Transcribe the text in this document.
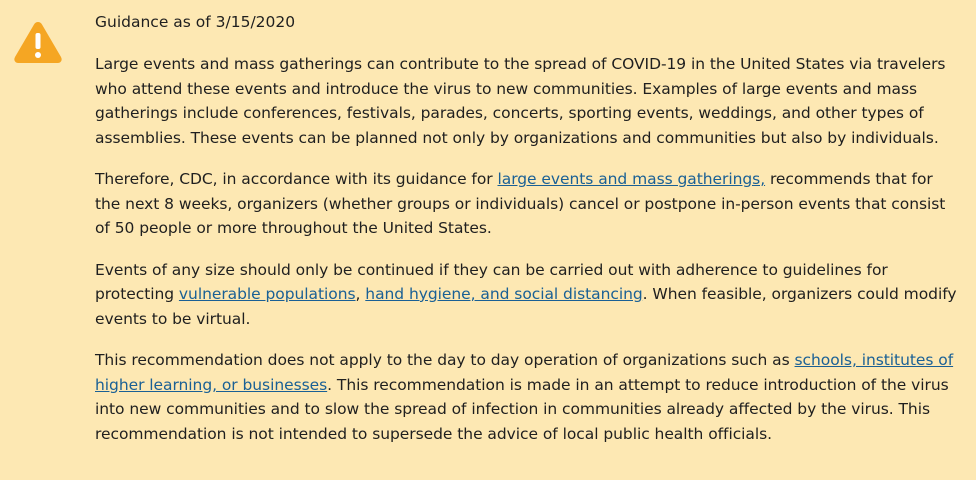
Guidance as of 3/15/2020

Large events and mass gatherings can contribute to the spread of COVID-19 in the United States via travelers who attend these events and introduce the virus to new communities. Examples of large events and mass gatherings include conferences, festivals, parades, concerts, sporting events, weddings, and other types of assemblies. These events can be planned not only by organizations and communities but also by individuals.

Therefore, CDC, in accordance with its guidance for large events and mass gatherings, recommends that for the next 8 weeks, organizers (whether groups or individuals) cancel or postpone in-person events that consist of 50 people or more throughout the United States.

Events of any size should only be continued if they can be carried out with adherence to guidelines for protecting vulnerable populations, hand hygiene, and social distancing. When feasible, organizers could modify events to be virtual.

This recommendation does not apply to the day to day operation of organizations such as schools, institutes of higher learning, or businesses. This recommendation is made in an attempt to reduce introduction of the virus into new communities and to slow the spread of infection in communities already affected by the virus. This recommendation is not intended to supersede the advice of local public health officials.
